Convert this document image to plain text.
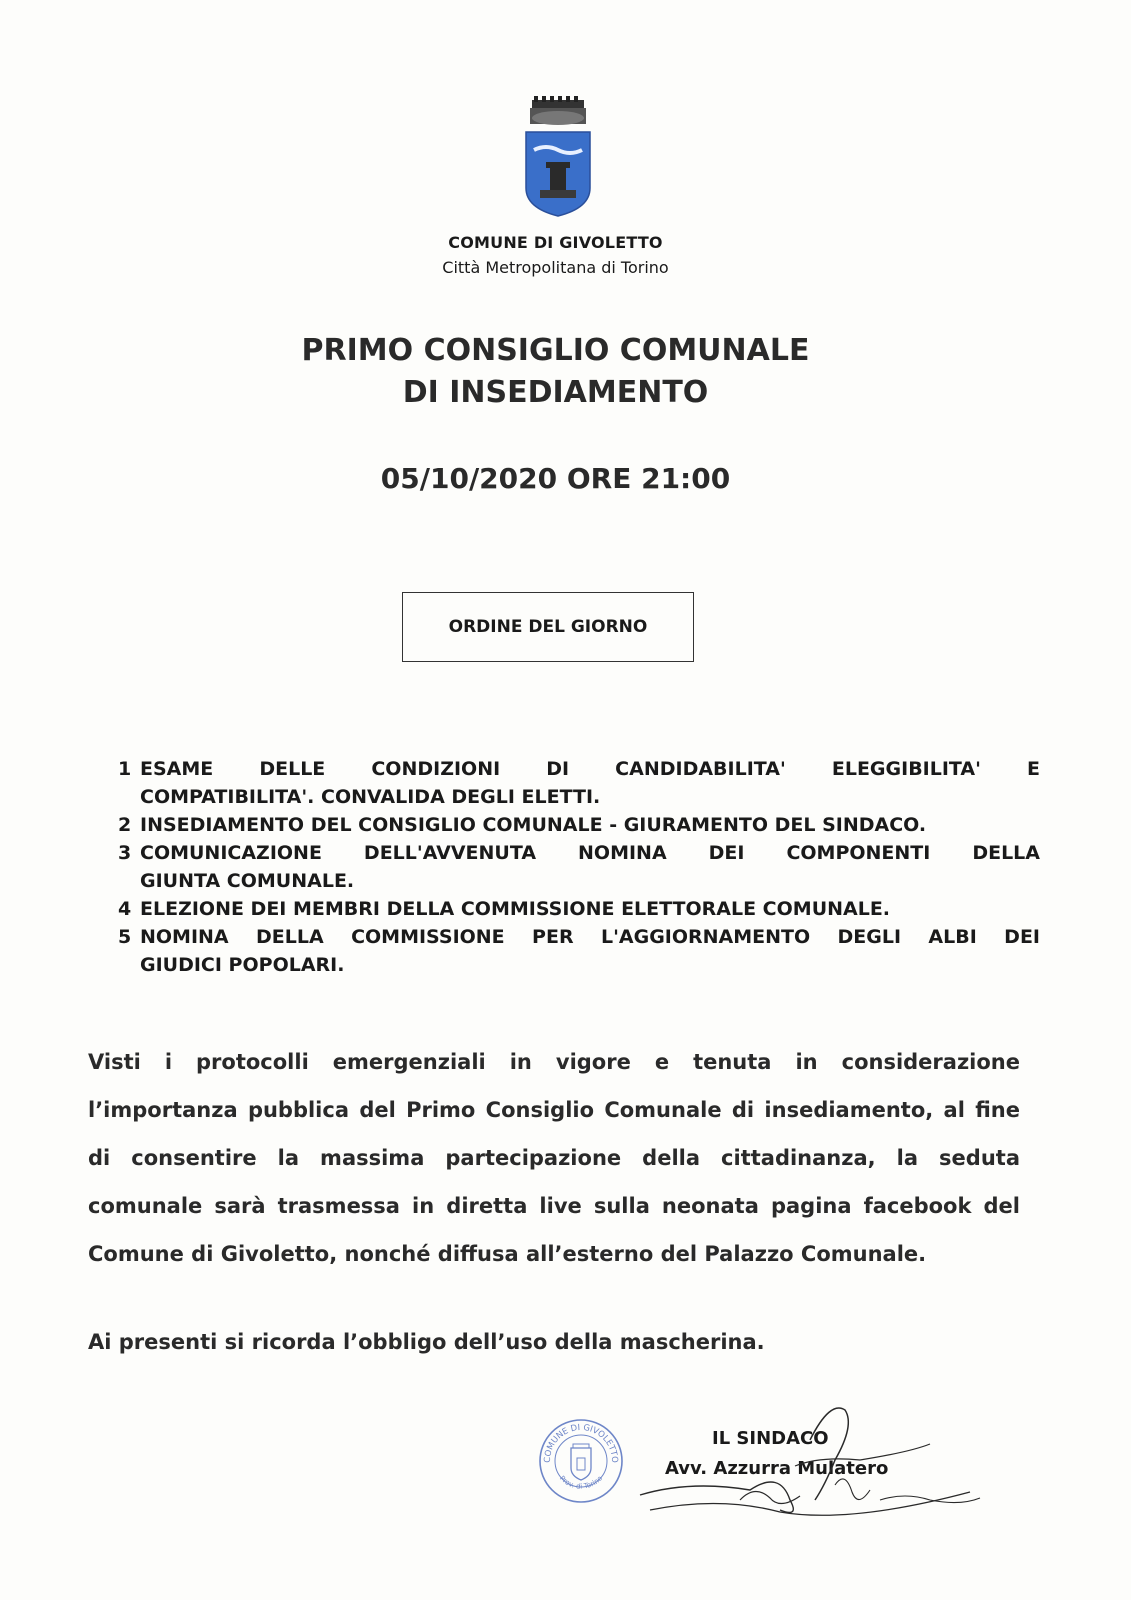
COMUNE DI GIVOLETTO
Città Metropolitana di Torino
PRIMO CONSIGLIO COMUNALE
DI INSEDIAMENTO
05/10/2020 ORE 21:00
ORDINE DEL GIORNO
1 ESAME DELLE CONDIZIONI DI CANDIDABILITA' ELEGGIBILITA' E
COMPATIBILITA'. CONVALIDA DEGLI ELETTI.
2 INSEDIAMENTO DEL CONSIGLIO COMUNALE - GIURAMENTO DEL SINDACO.
3 COMUNICAZIONE DELL'AVVENUTA NOMINA DEI COMPONENTI DELLA
GIUNTA COMUNALE.
4 ELEZIONE DEI MEMBRI DELLA COMMISSIONE ELETTORALE COMUNALE.
5 NOMINA DELLA COMMISSIONE PER L'AGGIORNAMENTO DEGLI ALBI DEI
GIUDICI POPOLARI.

Visti i protocolli emergenziali in vigore e tenuta in considerazione l’importanza pubblica del Primo Consiglio Comunale di insediamento, al fine di consentire la massima partecipazione della cittadinanza, la seduta comunale sarà trasmessa in diretta live sulla neonata pagina facebook del Comune di Givoletto, nonché diffusa all’esterno del Palazzo Comunale.

Ai presenti si ricorda l’obbligo dell’uso della mascherina.

COMUNE DI GIVOLETTO
Prov. di Torino
IL SINDACO
Avv. Azzurra Mulatero
